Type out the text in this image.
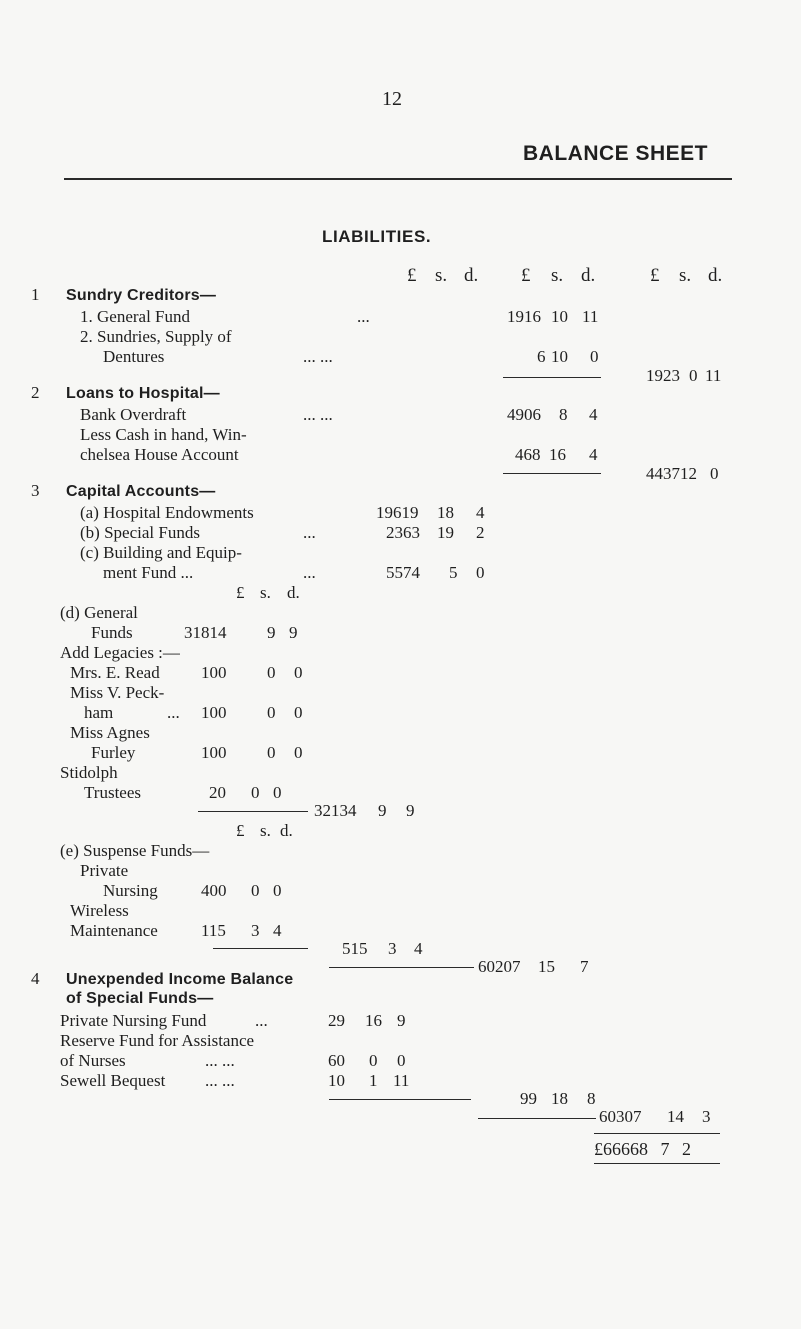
12
BALANCE SHEET
LIABILITIES.
£ s. d. £ s. d.	£ s. d.
1 Sundry Creditors—
1. General Fund	...	1916 10 11
2. Sundries, Supply of
Dentures	... ...	6 10 0
1923 0 11
2 Loans to Hospital—
Bank Overdraft	... ...	4906 8 4
Less Cash in hand, Win-
chelsea House Account	468 16 4
4437 12 0
3 Capital Accounts—
(a) Hospital Endowments	19619 18 4
(b) Special Funds	...	2363 19 2
(c) Building and Equip-
ment Fund ...	...	5574 5 0
£ s. d.
(d) General
Funds	31814 9 9
Add Legacies :—
Mrs. E. Read 100 0 0
Miss V. Peck-
ham	... 100 0 0
Miss Agnes
Furley	100 0 0
Stidolph
Trustees	20 0 0
32134 9 9
£ s. d.
(e) Suspense Funds—
Private
Nursing	400 0 0
Wireless
Maintenance	115 3 4
515 3 4
60207 15 7
4 Unexpended Income Balance
of Special Funds—
Private Nursing Fund	...	29 16 9
Reserve Fund for Assistance
of Nurses	... ...	60 0 0
Sewell Bequest ... ...	10 1 11
99 18 8
60307 14 3
£66668 7 2
